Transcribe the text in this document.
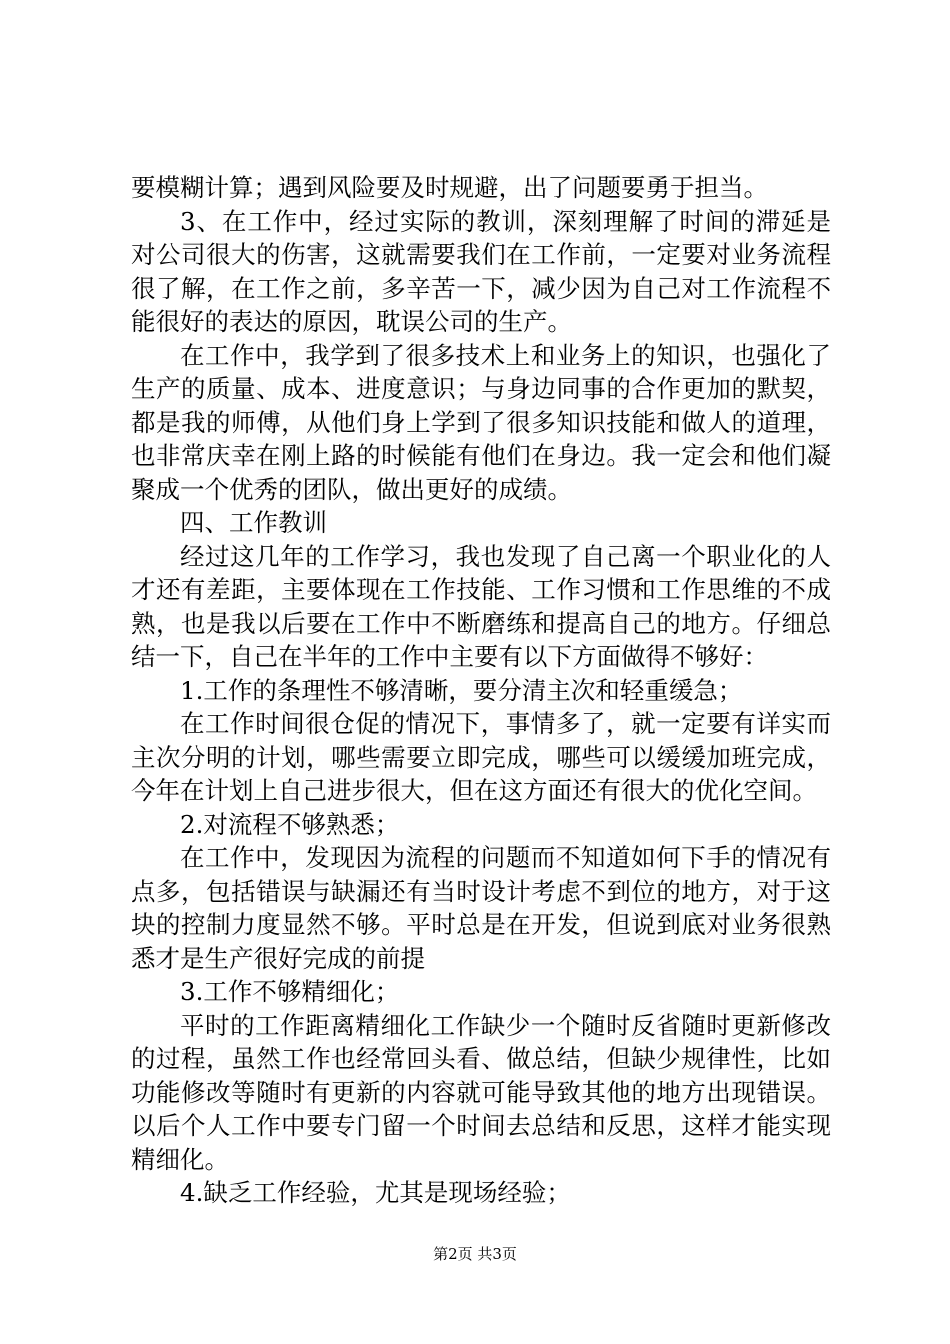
要模糊计算；遇到风险要及时规避，出了问题要勇于担当。

3、在工作中，经过实际的教训，深刻理解了时间的滞延是对公司很大的伤害，这就需要我们在工作前，一定要对业务流程很了解，在工作之前，多辛苦一下，减少因为自己对工作流程不能很好的表达的原因，耽误公司的生产。

在工作中，我学到了很多技术上和业务上的知识，也强化了生产的质量、成本、进度意识；与身边同事的合作更加的默契，都是我的师傅，从他们身上学到了很多知识技能和做人的道理，也非常庆幸在刚上路的时候能有他们在身边。我一定会和他们凝聚成一个优秀的团队，做出更好的成绩。

四、工作教训

经过这几年的工作学习，我也发现了自己离一个职业化的人才还有差距，主要体现在工作技能、工作习惯和工作思维的不成熟，也是我以后要在工作中不断磨练和提高自己的地方。仔细总结一下，自己在半年的工作中主要有以下方面做得不够好：

1.工作的条理性不够清晰，要分清主次和轻重缓急；

在工作时间很仓促的情况下，事情多了，就一定要有详实而主次分明的计划，哪些需要立即完成，哪些可以缓缓加班完成，今年在计划上自己进步很大，但在这方面还有很大的优化空间。

2.对流程不够熟悉；

在工作中，发现因为流程的问题而不知道如何下手的情况有点多，包括错误与缺漏还有当时设计考虑不到位的地方，对于这块的控制力度显然不够。平时总是在开发，但说到底对业务很熟悉才是生产很好完成的前提

3.工作不够精细化；

平时的工作距离精细化工作缺少一个随时反省随时更新修改的过程，虽然工作也经常回头看、做总结，但缺少规律性，比如功能修改等随时有更新的内容就可能导致其他的地方出现错误。以后个人工作中要专门留一个时间去总结和反思，这样才能实现精细化。

4.缺乏工作经验，尤其是现场经验；

第2页 共3页
